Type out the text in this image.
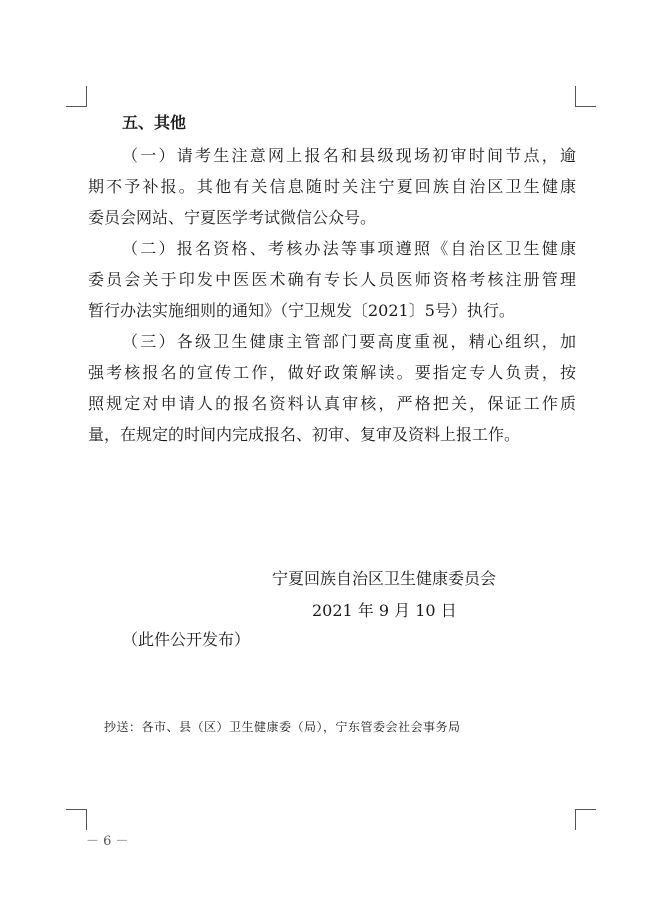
五、其他

（一）请考生注意网上报名和县级现场初审时间节点，逾
期不予补报。其他有关信息随时关注宁夏回族自治区卫生健康
委员会网站、宁夏医学考试微信公众号。

（二）报名资格、考核办法等事项遵照《自治区卫生健康
委员会关于印发中医医术确有专长人员医师资格考核注册管理
暂行办法实施细则的通知》（宁卫规发〔2021〕5号）执行。

（三）各级卫生健康主管部门要高度重视，精心组织，加
强考核报名的宣传工作，做好政策解读。要指定专人负责，按
照规定对申请人的报名资料认真审核，严格把关，保证工作质
量，在规定的时间内完成报名、初审、复审及资料上报工作。

宁夏回族自治区卫生健康委员会
2021 年 9 月 10 日
（此件公开发布）
抄送：各市、县（区）卫生健康委（局），宁东管委会社会事务局
－ 6 －
